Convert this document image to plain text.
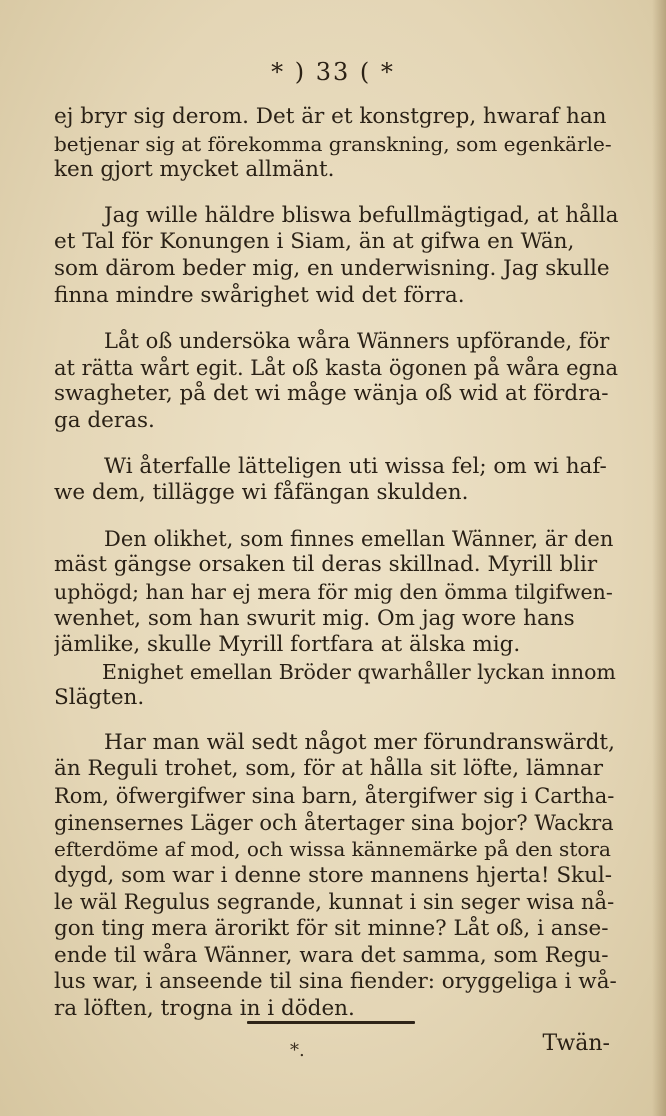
* ) 33 ( *

ej bryr sig derom. Det är et konstgrep, hwaraf han
betjenar sig at förekomma granskning, som egenkärle-
ken gjort mycket allmänt.

Jag wille häldre bliswa befullmägtigad, at hålla
et Tal för Konungen i Siam, än at gifwa en Wän,
som därom beder mig, en underwisning. Jag skulle
finna mindre swårighet wid det förra.

Låt oß undersöka wåra Wänners upförande, för
at rätta wårt egit. Låt oß kasta ögonen på wåra egna
swagheter, på det wi måge wänja oß wid at fördra-
ga deras.

Wi återfalle lätteligen uti wissa fel; om wi haf-
we dem, tillägge wi fåfängan skulden.

Den olikhet, som finnes emellan Wänner, är den
mäst gängse orsaken til deras skillnad. Myrill blir
uphögd; han har ej mera för mig den ömma tilgifwen-
wenhet, som han swurit mig. Om jag wore hans
jämlike, skulle Myrill fortfara at älska mig.

Enighet emellan Bröder qwarhåller lyckan innom
Slägten.

Har man wäl sedt något mer förundranswärdt,
än Reguli trohet, som, för at hålla sit löfte, lämnar
Rom, öfwergifwer sina barn, återgifwer sig i Cartha-
ginensernes Läger och återtager sina bojor? Wackra
efterdöme af mod, och wissa kännemärke på den stora
dygd, som war i denne store mannens hjerta! Skul-
le wäl Regulus segrande, kunnat i sin seger wisa nå-
gon ting mera ärorikt för sit minne? Låt oß, i anse-
ende til wåra Wänner, wara det samma, som Regu-
lus war, i anseende til sina fiender: oryggeliga i wå-
ra löften, trogna in i döden.

*.	Twän-
